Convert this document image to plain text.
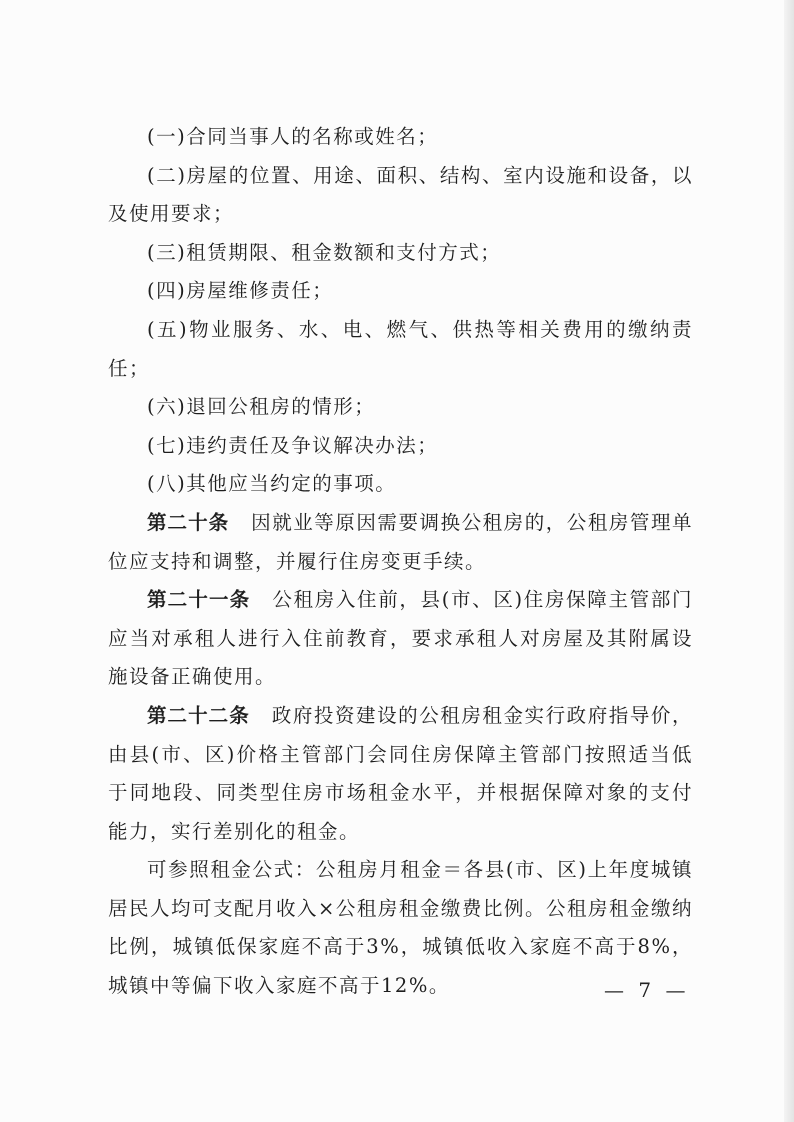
(一)合同当事人的名称或姓名；

(二)房屋的位置、用途、面积、结构、室内设施和设备，以及使用要求；

(三)租赁期限、租金数额和支付方式；

(四)房屋维修责任；

(五)物业服务、水、电、燃气、供热等相关费用的缴纳责任；

(六)退回公租房的情形；

(七)违约责任及争议解决办法；

(八)其他应当约定的事项。

第二十条 因就业等原因需要调换公租房的，公租房管理单位应支持和调整，并履行住房变更手续。

第二十一条 公租房入住前，县(市、区)住房保障主管部门应当对承租人进行入住前教育，要求承租人对房屋及其附属设施设备正确使用。

第二十二条 政府投资建设的公租房租金实行政府指导价，由县(市、区)价格主管部门会同住房保障主管部门按照适当低于同地段、同类型住房市场租金水平，并根据保障对象的支付能力，实行差别化的租金。

可参照租金公式：公租房月租金＝各县(市、区)上年度城镇居民人均可支配月收入×公租房租金缴费比例。公租房租金缴纳比例，城镇低保家庭不高于3%，城镇低收入家庭不高于8%，城镇中等偏下收入家庭不高于12%。	— 7 —
